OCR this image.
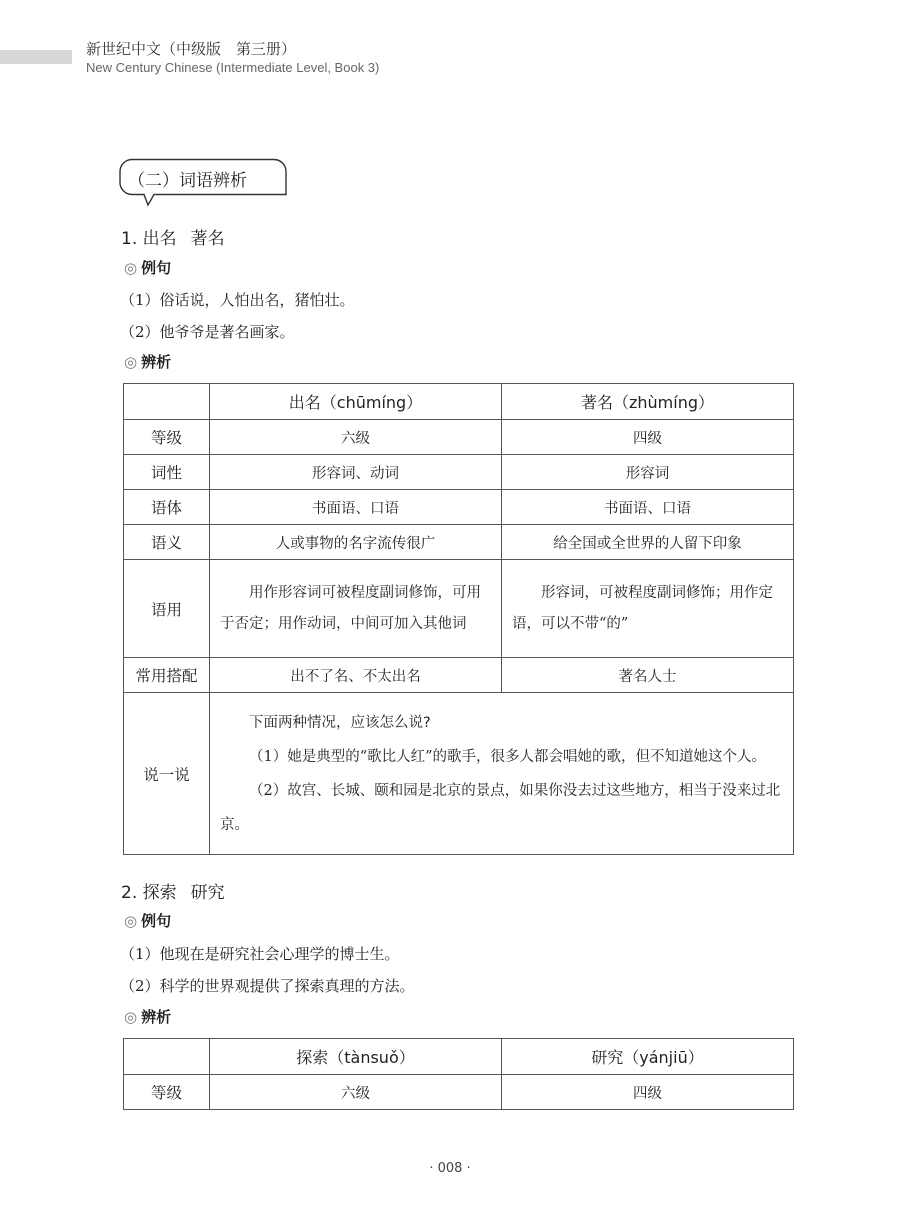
新世纪中文（中级版　第三册）
New Century Chinese (Intermediate Level, Book 3)
（二）词语辨析
1. 出名 著名
◎ 例句
（1）俗话说，人怕出名，猪怕壮。
（2）他爷爷是著名画家。
◎ 辨析
	出名（chūmíng）	著名（zhùmíng）
等级	六级	四级
词性	形容词、动词	形容词
语体	书面语、口语	书面语、口语
语义	人或事物的名字流传很广	给全国或全世界的人留下印象
语用	用作形容词可被程度副词修饰，可用于否定；用作动词，中间可加入其他词	形容词，可被程度副词修饰；用作定语，可以不带“的”

常用搭配	出不了名、不太出名	著名人士
说一说	下面两种情况，应该怎么说?

（1）她是典型的“歌比人红”的歌手，很多人都会唱她的歌，但不知道她这个人。

（2）故宫、长城、颐和园是北京的景点，如果你没去过这些地方，相当于没来过北京。	

2. 探索 研究
◎ 例句
（1）他现在是研究社会心理学的博士生。
（2）科学的世界观提供了探索真理的方法。
◎ 辨析
	探索（tànsuǒ）	研究（yánjiū）
等级	六级	四级
· 008 ·
